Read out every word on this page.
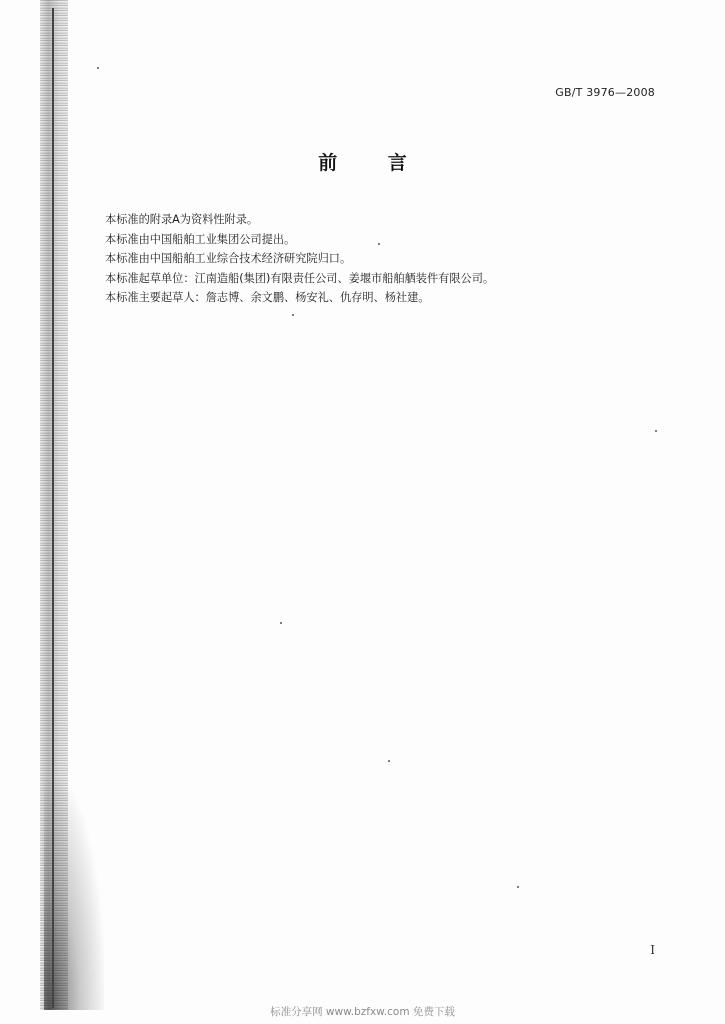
GB/T 3976—2008
前 言
本标准的附录A为资料性附录。
本标准由中国船舶工业集团公司提出。
本标准由中国船舶工业综合技术经济研究院归口。
本标准起草单位：江南造船(集团)有限责任公司、姜堰市船舶舾装件有限公司。
本标准主要起草人：詹志博、余文鹏、杨安礼、仇存明、杨社建。
I
标准分享网 www.bzfxw.com 免费下载
